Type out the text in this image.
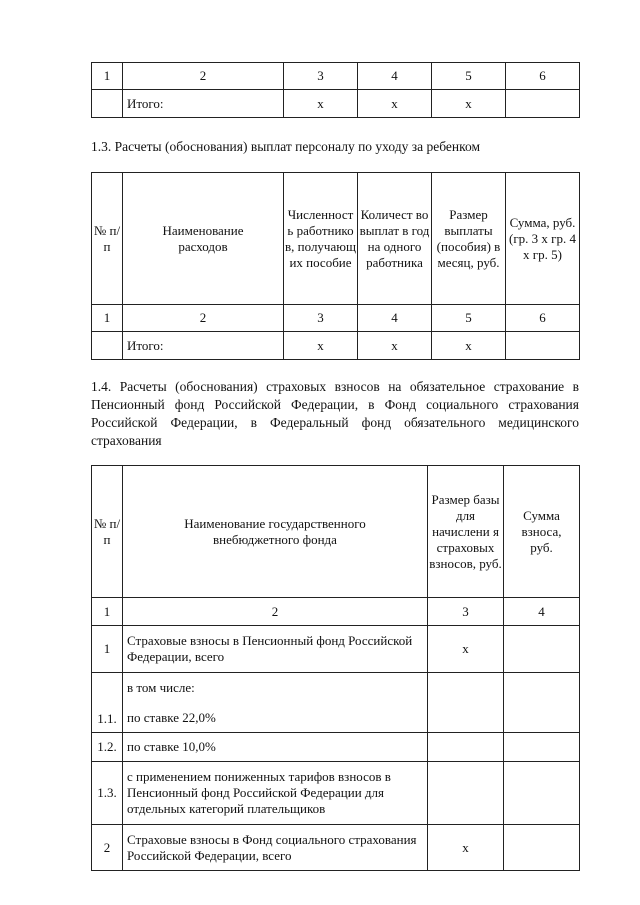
1	2	3	4	5	6
	Итого:	х	х	х	
1.3. Расчеты (обоснования) выплат персоналу по уходу за ребенком
№ п/п	Наименование расходов	Численност ь работнико в, получающ их пособие	Количест во выплат в год на одного работника	Размер выплаты (пособия) в месяц, руб.	Сумма, руб. (гр. 3 х гр. 4 х гр. 5)
1	2	3	4	5	6
	Итого:	х	х	х	
1.4. Расчеты (обоснования) страховых взносов на обязательное страхование в Пенсионный фонд Российской Федерации, в Фонд социального страхования Российской Федерации, в Федеральный фонд обязательного медицинского страхования
№ п/п	Наименование государственного внебюджетного фонда	Размер базы для начислени я страховых взносов, руб.	Сумма взноса, руб.
1	2	3	4
1	Страховые взносы в Пенсионный фонд Российской Федерации, всего	х	
1.1.	в том числе:
по ставке 22,0%		

1.2.	по ставке 10,0%		
1.3.	с применением пониженных тарифов взносов в Пенсионный фонд Российской Федерации для отдельных категорий плательщиков		
2	Страховые взносы в Фонд социального страхования Российской Федерации, всего	х	
